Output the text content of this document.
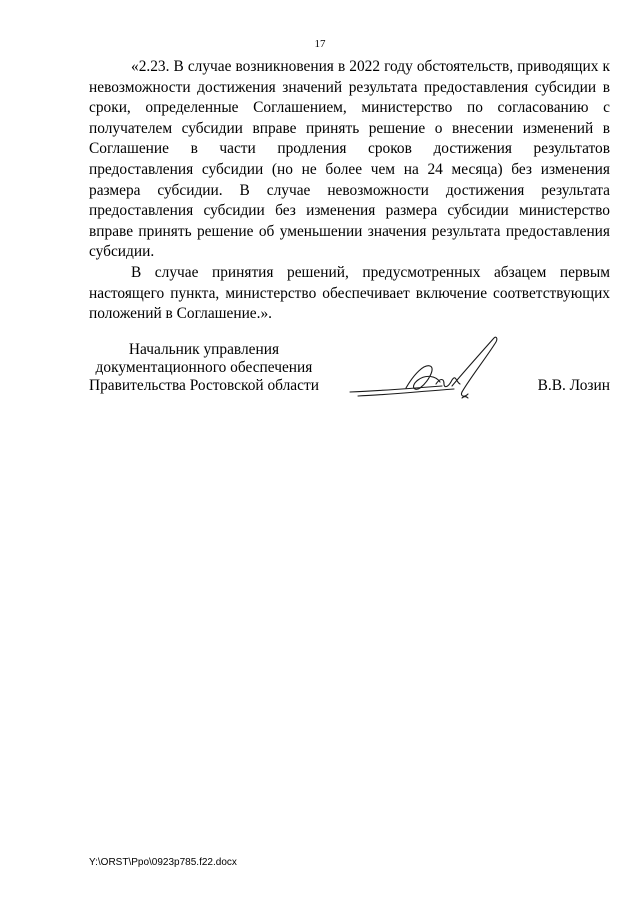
17

«2.23. В случае возникновения в 2022 году обстоятельств, приводящих к невозможности достижения значений результата предоставления субсидии в сроки, определенные Соглашением, министерство по согласованию с получателем субсидии вправе принять решение о внесении изменений в Соглашение в части продления сроков достижения результатов предоставления субсидии (но не более чем на 24 месяца) без изменения размера субсидии. В случае невозможности достижения результата предоставления субсидии без изменения размера субсидии министерство вправе принять решение об уменьшении значения результата предоставления субсидии.

В случае принятия решений, предусмотренных абзацем первым настоящего пункта, министерство обеспечивает включение соответствующих положений в Соглашение.».

Начальник управления
документационного обеспечения
Правительства Ростовской области	В.В. Лозин
Y:\ORST\Ppo\0923p785.f22.docx
